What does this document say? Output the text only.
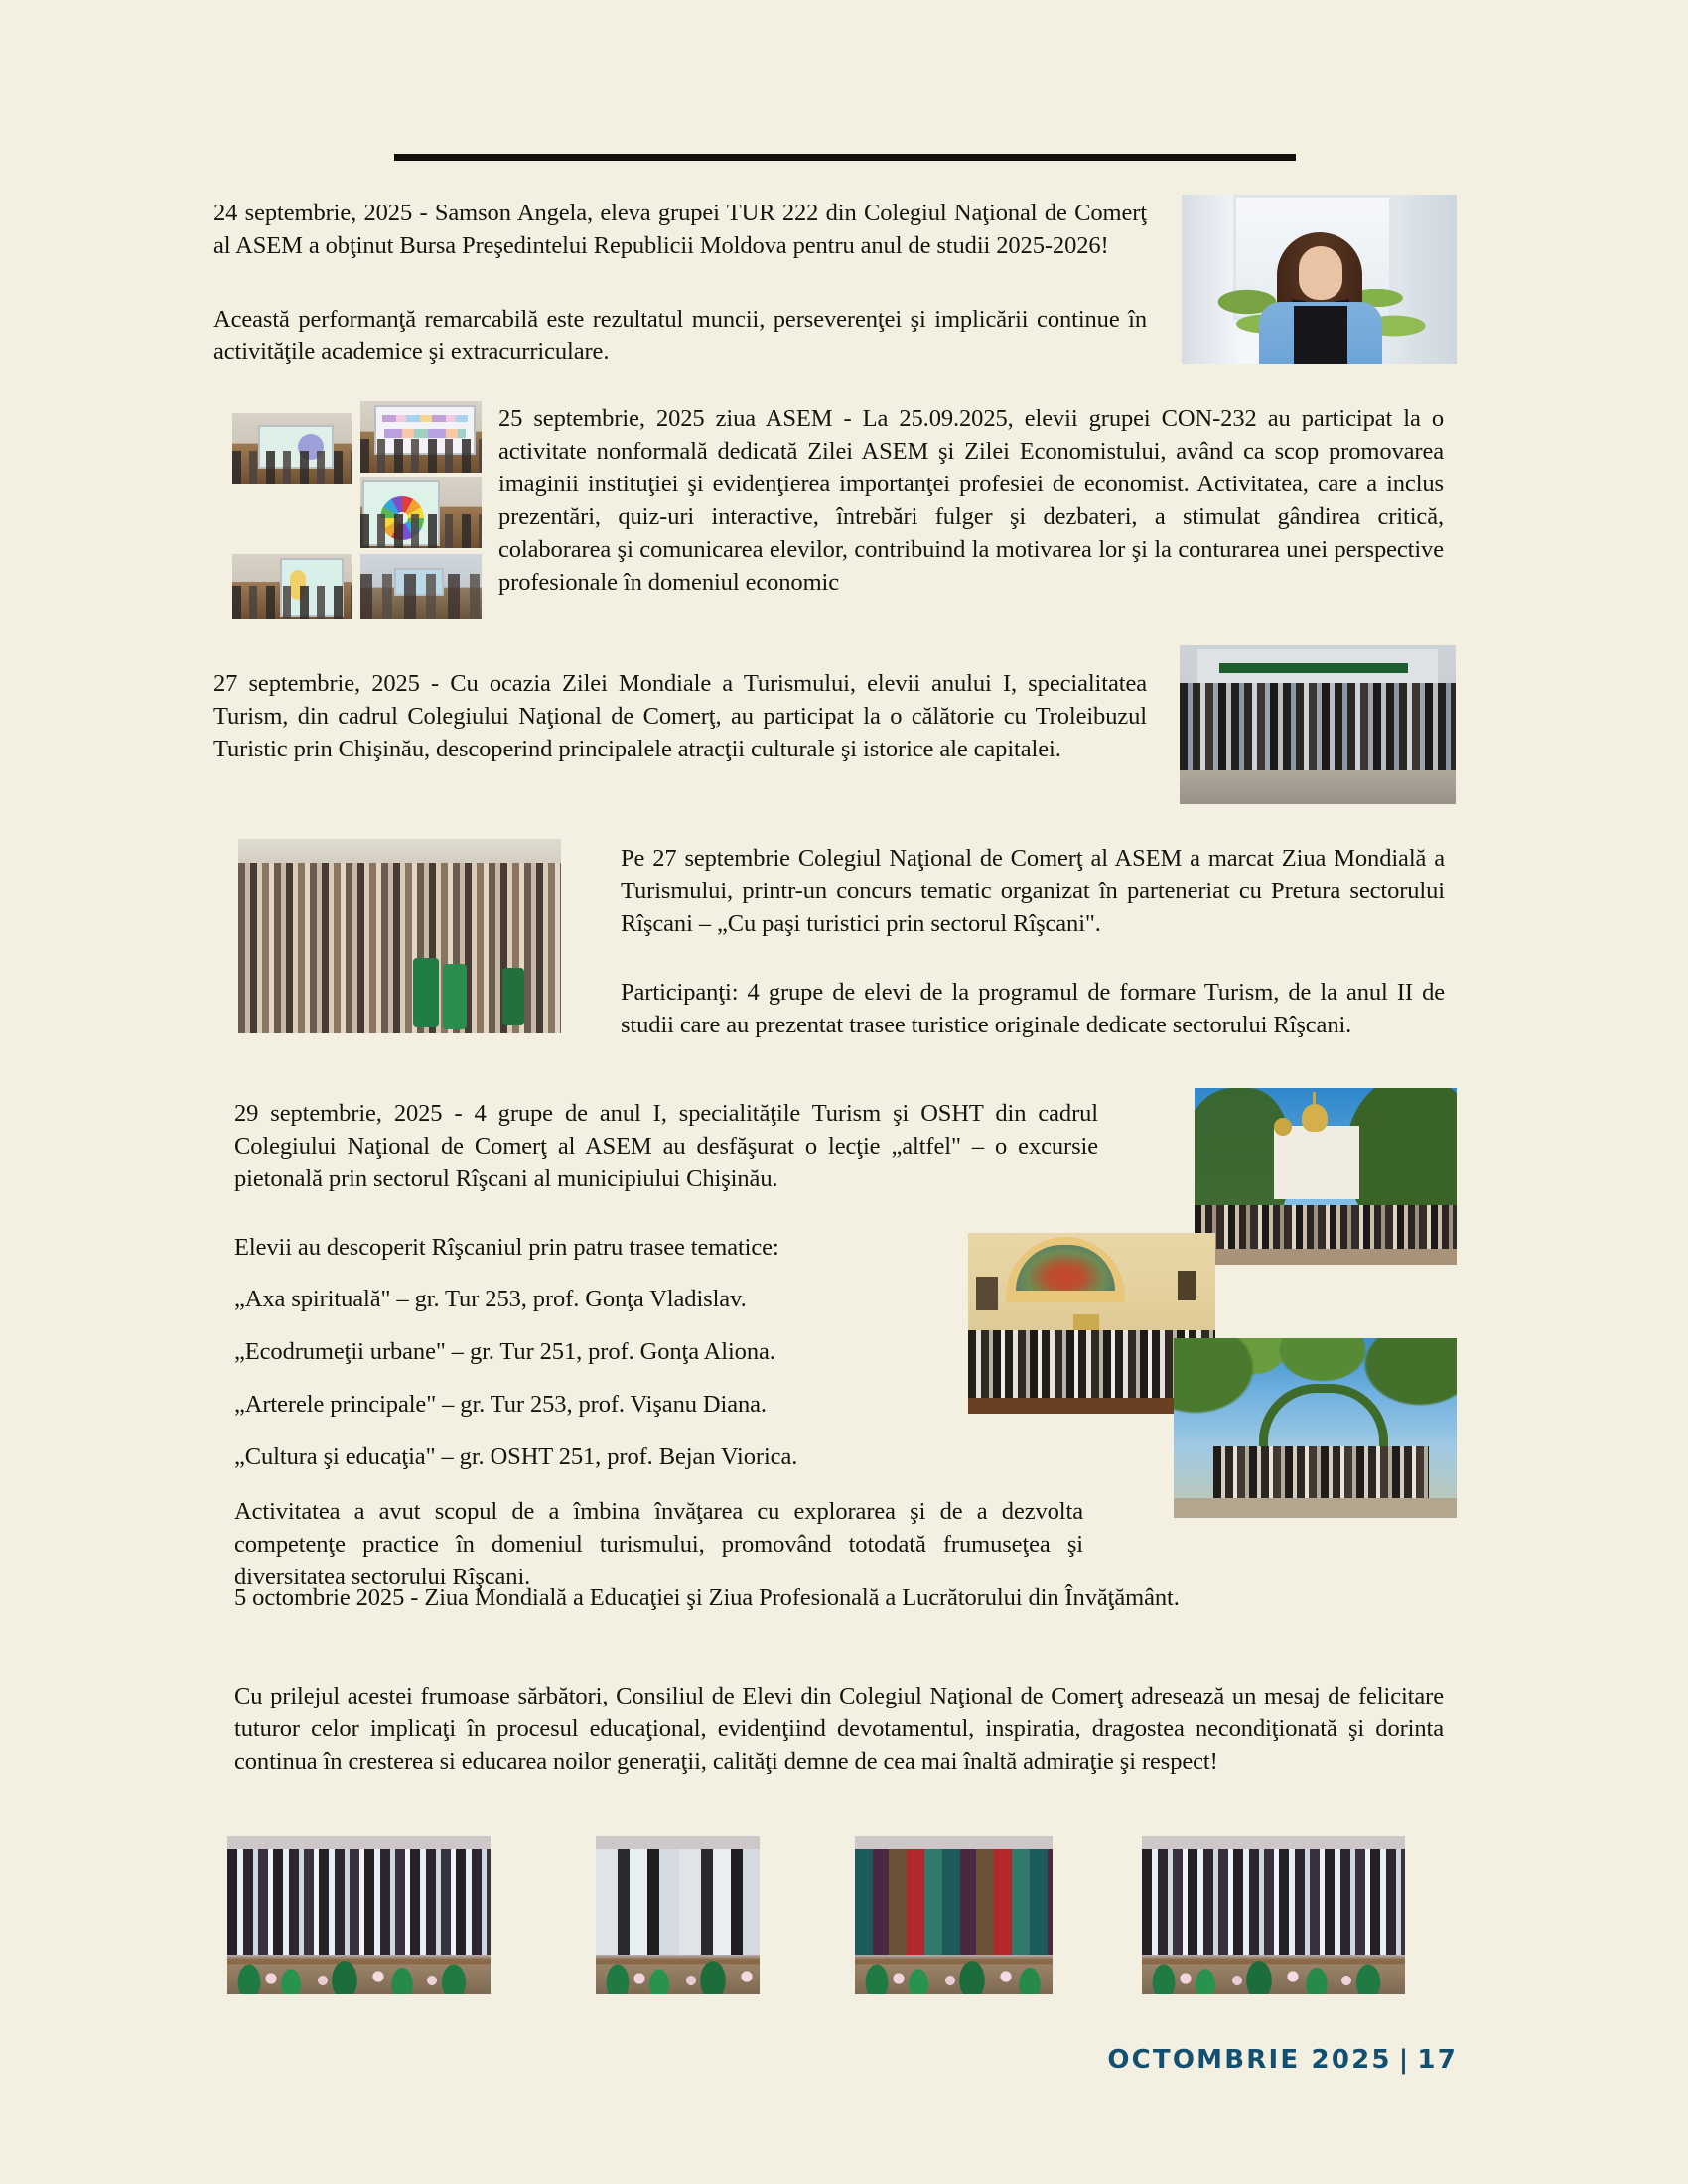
24 septembrie, 2025 - Samson Angela, eleva grupei TUR 222 din Colegiul Naţional de Comerţ al ASEM a obţinut Bursa Preşedintelui Republicii Moldova pentru anul de studii 2025-2026!
Această performanţă remarcabilă este rezultatul muncii, perseverenţei şi implicării continue în activităţile academice şi extracurriculare.
25 septembrie, 2025 ziua ASEM - La 25.09.2025, elevii grupei CON-232 au participat la o activitate nonformală dedicată Zilei ASEM şi Zilei Economistului, având ca scop promovarea imaginii instituţiei şi evidenţierea importanţei profesiei de economist. Activitatea, care a inclus prezentări, quiz-uri interactive, întrebări fulger şi dezbateri, a stimulat gândirea critică, colaborarea şi comunicarea elevilor, contribuind la motivarea lor şi la conturarea unei perspective profesionale în domeniul economic
27 septembrie, 2025 - Cu ocazia Zilei Mondiale a Turismului, elevii anului I, specialitatea Turism, din cadrul Colegiului Naţional de Comerţ, au participat la o călătorie cu Troleibuzul Turistic prin Chişinău, descoperind principalele atracţii culturale şi istorice ale capitalei.
Pe 27 septembrie Colegiul Naţional de Comerţ al ASEM a marcat Ziua Mondială a Turismului, printr-un concurs tematic organizat în parteneriat cu Pretura sectorului Rîşcani – „Cu paşi turistici prin sectorul Rîşcani".
Participanţi: 4 grupe de elevi de la programul de formare Turism, de la anul II de studii care au prezentat trasee turistice originale dedicate sectorului Rîşcani.
29 septembrie, 2025 - 4 grupe de anul I, specialităţile Turism şi OSHT din cadrul Colegiului Naţional de Comerţ al ASEM au desfăşurat o lecţie „altfel" – o excursie pietonală prin sectorul Rîşcani al municipiului Chişinău.
Elevii au descoperit Rîşcaniul prin patru trasee tematice:
„Axa spirituală" – gr. Tur 253, prof. Gonţa Vladislav.
„Ecodrumeţii urbane" – gr. Tur 251, prof. Gonţa Aliona.
„Arterele principale" – gr. Tur 253, prof. Vişanu Diana.
„Cultura şi educaţia" – gr. OSHT 251, prof. Bejan Viorica.
Activitatea a avut scopul de a îmbina învăţarea cu explorarea şi de a dezvolta competenţe practice în domeniul turismului, promovând totodată frumuseţea şi diversitatea sectorului Rîşcani.
5 octombrie 2025 - Ziua Mondială a Educaţiei şi Ziua Profesională a Lucrătorului din Învăţământ.
Cu prilejul acestei frumoase sărbători, Consiliul de Elevi din Colegiul Naţional de Comerţ adresează un mesaj de felicitare tuturor celor implicaţi în procesul educaţional, evidenţiind devotamentul, inspiratia, dragostea necondiţionată şi dorinta continua în cresterea si educarea noilor generaţii, calităţi demne de cea mai înaltă admiraţie şi respect!
OCTOMBRIE 2025 | 17
